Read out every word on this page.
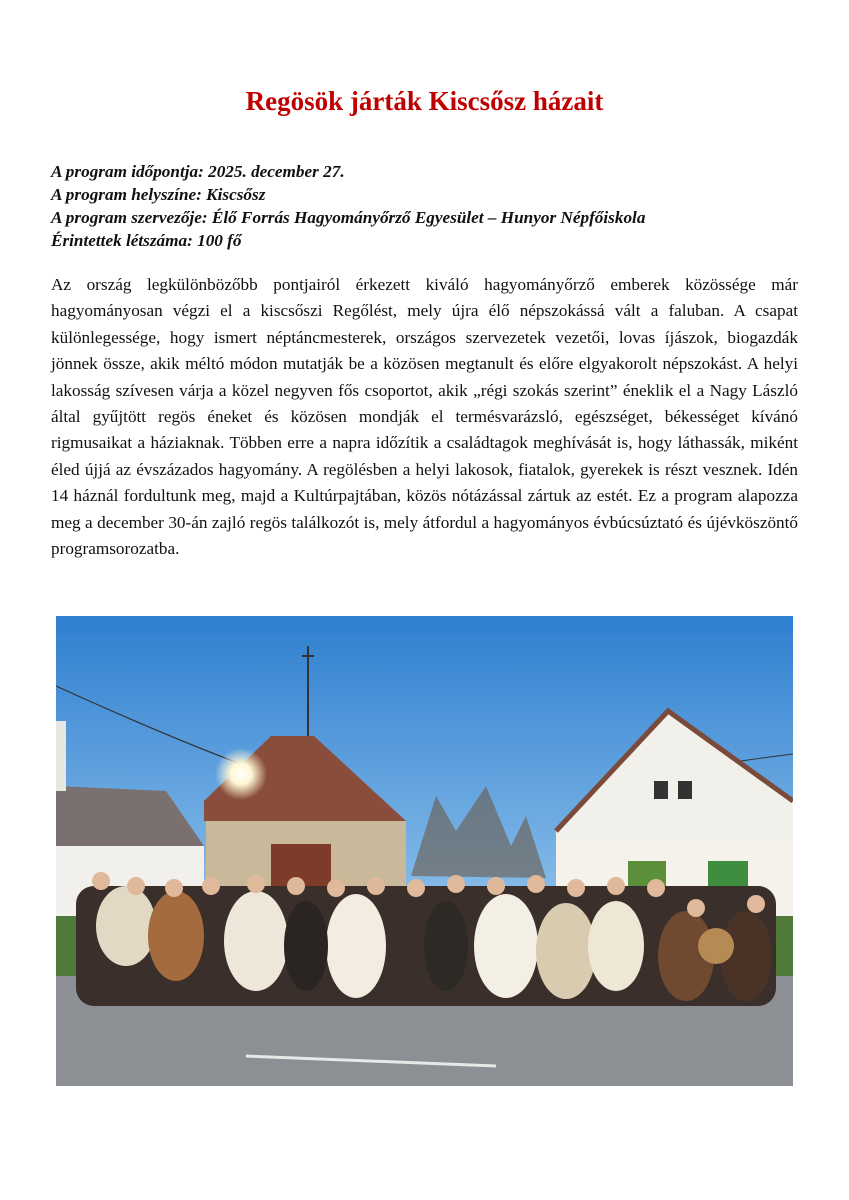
Regösök járták Kiscsősz házait
A program időpontja: 2025. december 27.
A program helyszíne: Kiscsősz
A program szervezője: Élő Forrás Hagyományőrző Egyesület – Hunyor Népfőiskola
Érintettek létszáma: 100 fő

Az ország legkülönbözőbb pontjairól érkezett kiváló hagyományőrző emberek közössége már hagyományosan végzi el a kiscsőszi Regőlést, mely újra élő népszokássá vált a faluban. A csapat különlegessége, hogy ismert néptáncmesterek, országos szervezetek vezetői, lovas íjászok, biogazdák jönnek össze, akik méltó módon mutatják be a közösen megtanult és előre elgyakorolt népszokást. A helyi lakosság szívesen várja a közel negyven fős csoportot, akik „régi szokás szerint” éneklik el a Nagy László által gyűjtött regös éneket és közösen mondják el termésvarázsló, egészséget, békességet kívánó rigmusaikat a háziaknak. Többen erre a napra időzítik a családtagok meghívását is, hogy láthassák, miként éled újjá az évszázados hagyomány. A regölésben a helyi lakosok, fiatalok, gyerekek is részt vesznek. Idén 14 háznál fordultunk meg, majd a Kultúrpajtában, közös nótázással zártuk az estét. Ez a program alapozza meg a december 30-án zajló regös találkozót is, mely átfordul a hagyományos évbúcsúztató és újévköszöntő programsorozatba.
